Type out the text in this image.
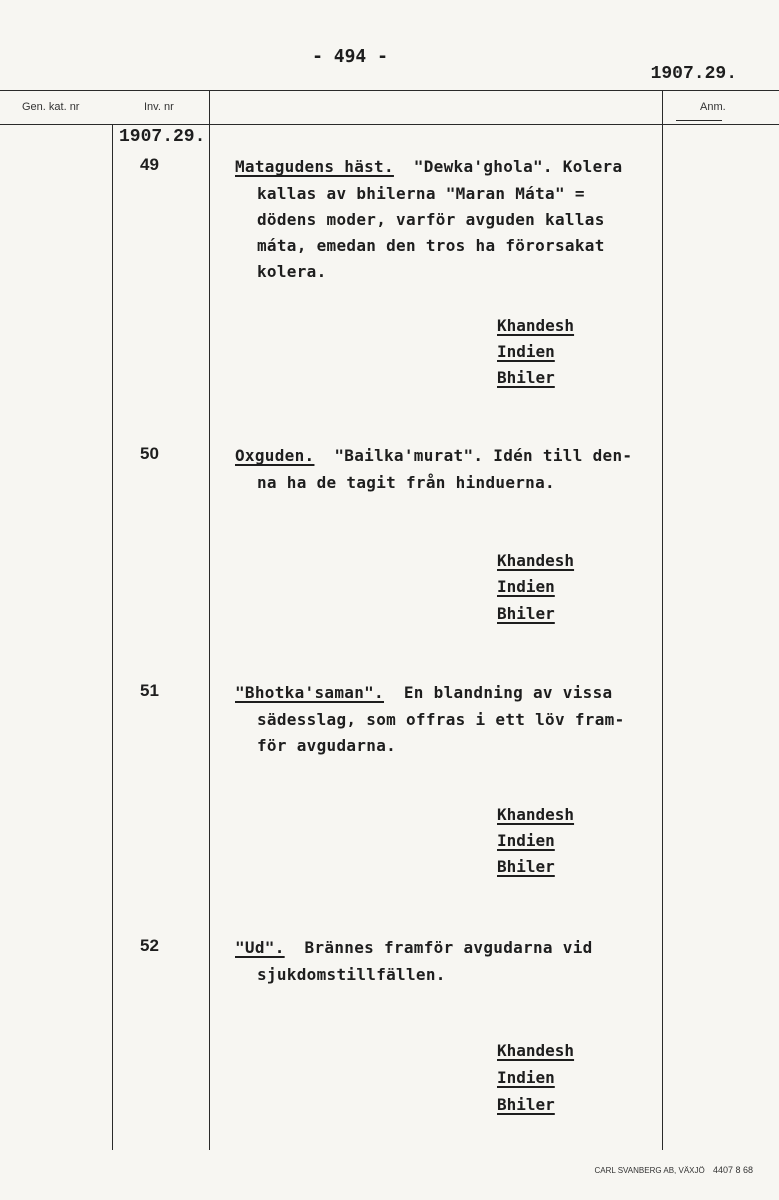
- 494 -
1907.29.
Gen. kat. nr	Inv. nr	Anm.
1907.29.
49	Matagudens häst.  "Dewka'ghola". Kolera
kallas av bhilerna "Maran Máta" =
dödens moder, varför avguden kallas
máta, emedan den tros ha förorsakat
kolera.
Khandesh
Indien
Bhiler
50	Oxguden.  "Bailka'murat". Idén till den-
na ha de tagit från hinduerna.
Khandesh
Indien
Bhiler
51	"Bhotka'saman".  En blandning av vissa
sädesslag, som offras i ett löv fram-
för avgudarna.
Khandesh
Indien
Bhiler
52	"Ud".  Brännes framför avgudarna vid
sjukdomstillfällen.
Khandesh
Indien
Bhiler
CARL SVANBERG AB, VÄXJÖ 4407 8 68
